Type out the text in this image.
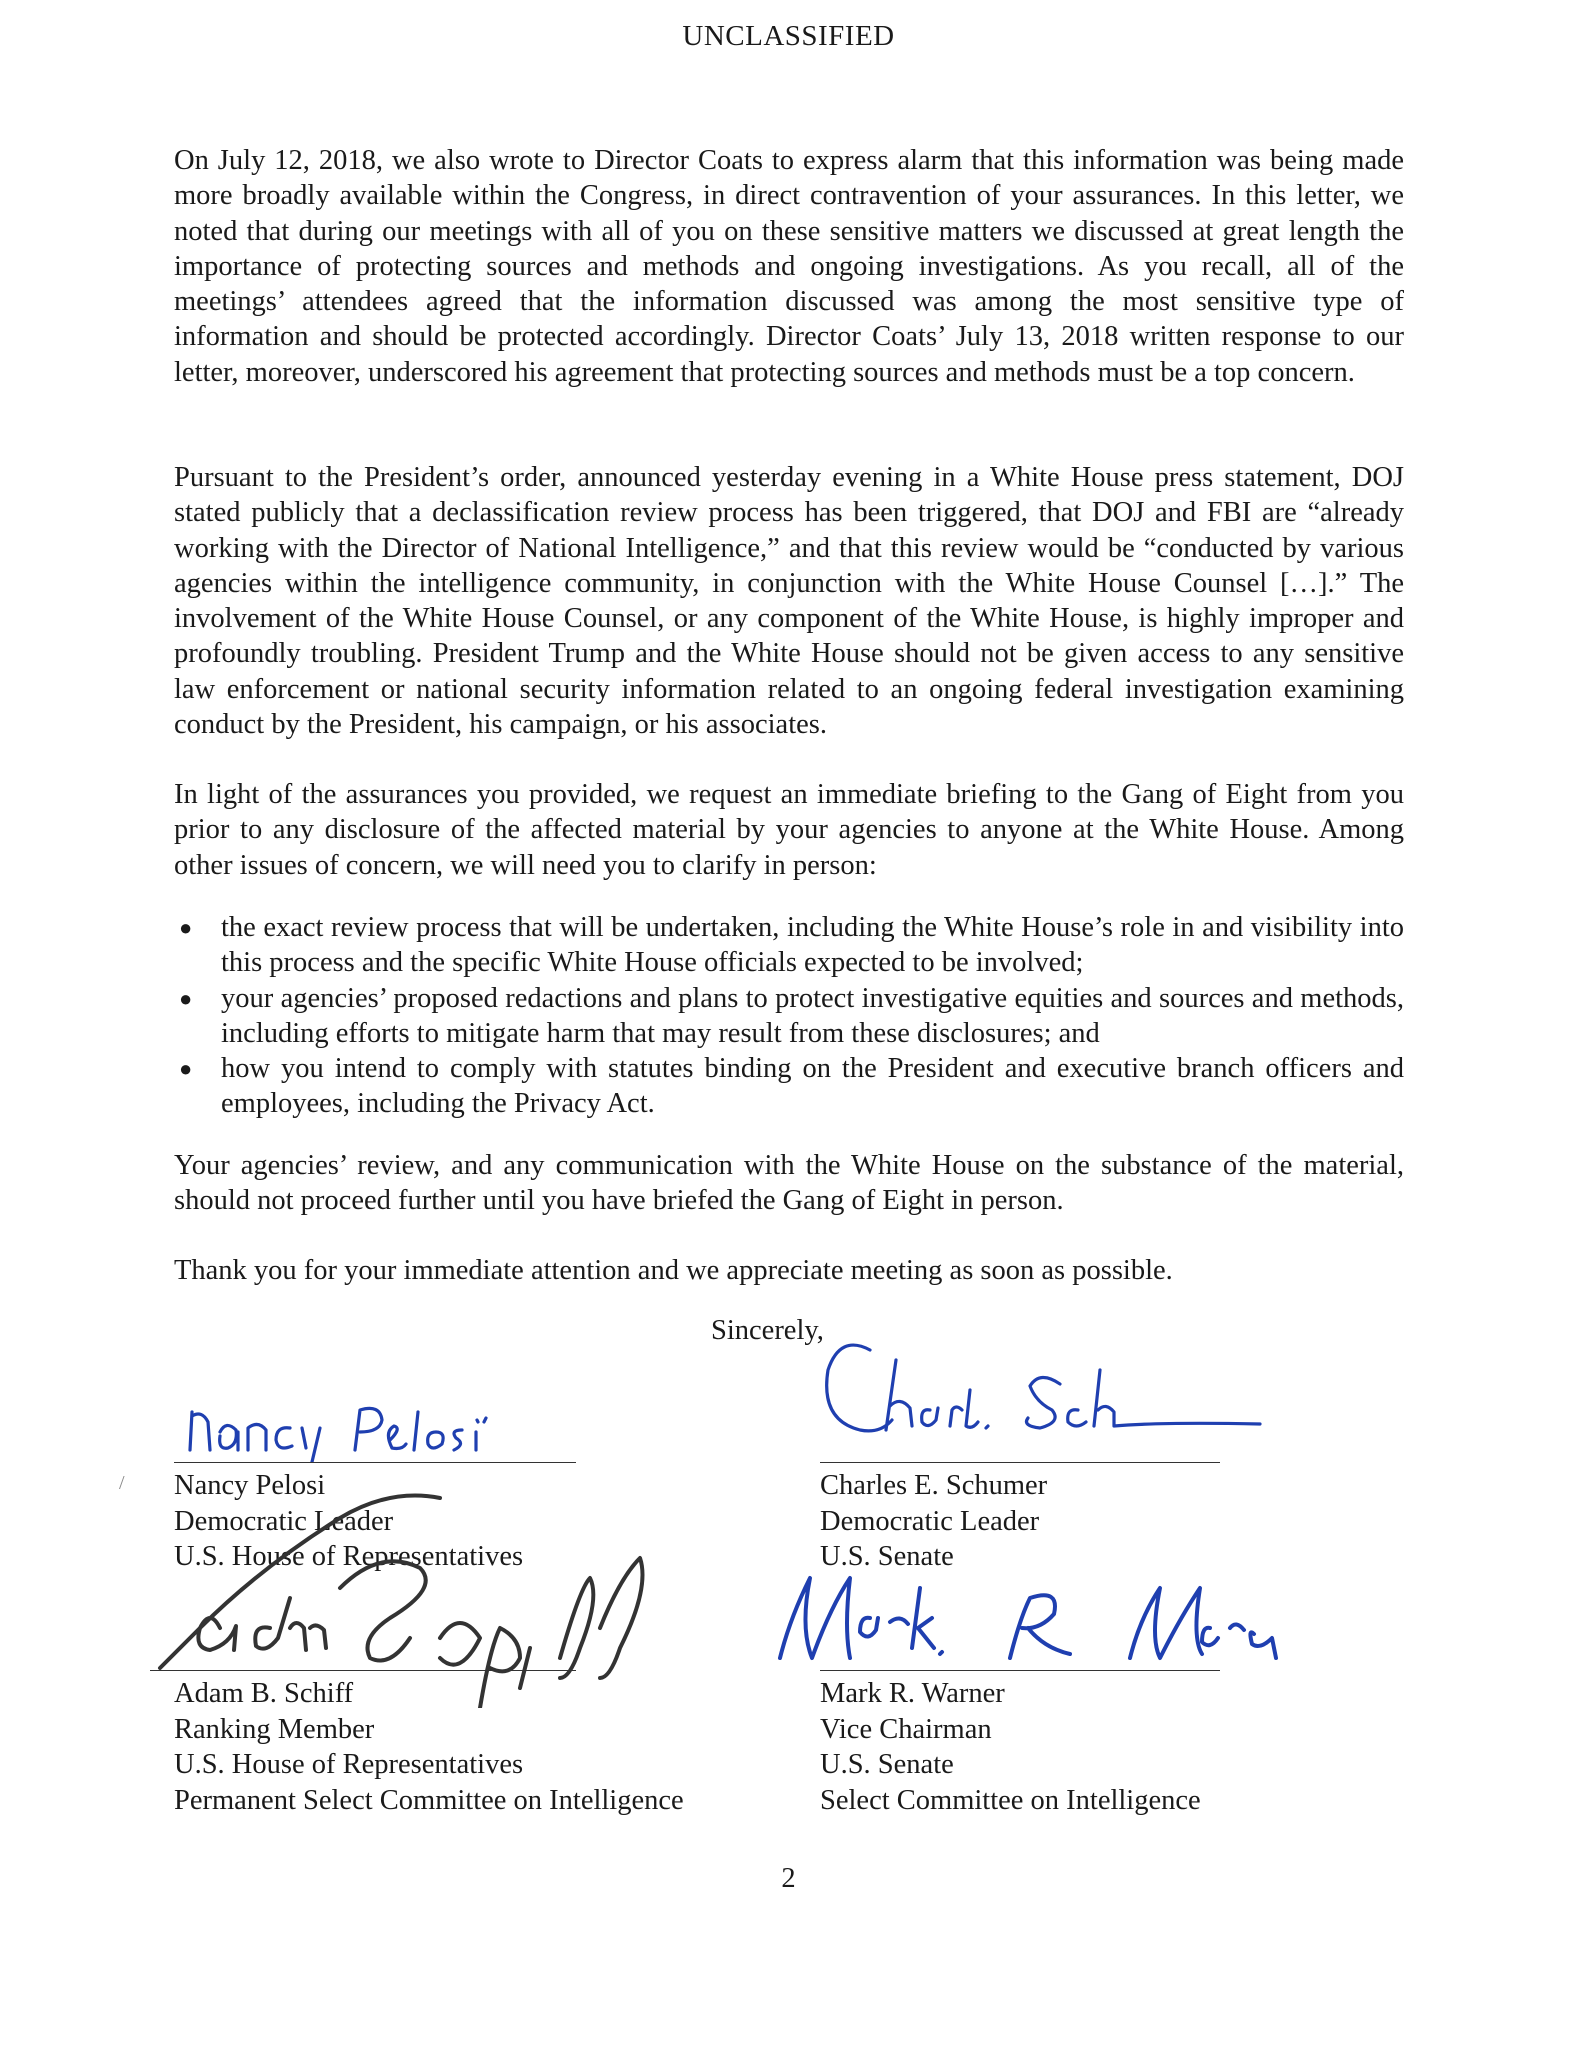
UNCLASSIFIED
On July 12, 2018, we also wrote to Director Coats to express alarm that this information was being made more broadly available within the Congress, in direct contravention of your assurances. In this letter, we noted that during our meetings with all of you on these sensitive matters we discussed at great length the importance of protecting sources and methods and ongoing investigations. As you recall, all of the meetings’ attendees agreed that the information discussed was among the most sensitive type of information and should be protected accordingly. Director Coats’ July 13, 2018 written response to our letter, moreover, underscored his agreement that protecting sources and methods must be a top concern.
Pursuant to the President’s order, announced yesterday evening in a White House press statement, DOJ stated publicly that a declassification review process has been triggered, that DOJ and FBI are “already working with the Director of National Intelligence,” and that this review would be “conducted by various agencies within the intelligence community, in conjunction with the White House Counsel […].” The involvement of the White House Counsel, or any component of the White House, is highly improper and profoundly troubling. President Trump and the White House should not be given access to any sensitive law enforcement or national security information related to an ongoing federal investigation examining conduct by the President, his campaign, or his associates.
In light of the assurances you provided, we request an immediate briefing to the Gang of Eight from you prior to any disclosure of the affected material by your agencies to anyone at the White House. Among other issues of concern, we will need you to clarify in person:
● the exact review process that will be undertaken, including the White House’s role in and visibility into this process and the specific White House officials expected to be involved;
● your agencies’ proposed redactions and plans to protect investigative equities and sources and methods, including efforts to mitigate harm that may result from these disclosures; and
● how you intend to comply with statutes binding on the President and executive branch officers and employees, including the Privacy Act.
Your agencies’ review, and any communication with the White House on the substance of the material, should not proceed further until you have briefed the Gang of Eight in person.
Thank you for your immediate attention and we appreciate meeting as soon as possible.
Sincerely,
/ Nancy Pelosi
Democratic Leader
U.S. House of Representatives
Charles E. Schumer
Democratic Leader
U.S. Senate
Adam B. Schiff
Ranking Member
U.S. House of Representatives
Permanent Select Committee on Intelligence
Mark R. Warner
Vice Chairman
U.S. Senate
Select Committee on Intelligence
2
